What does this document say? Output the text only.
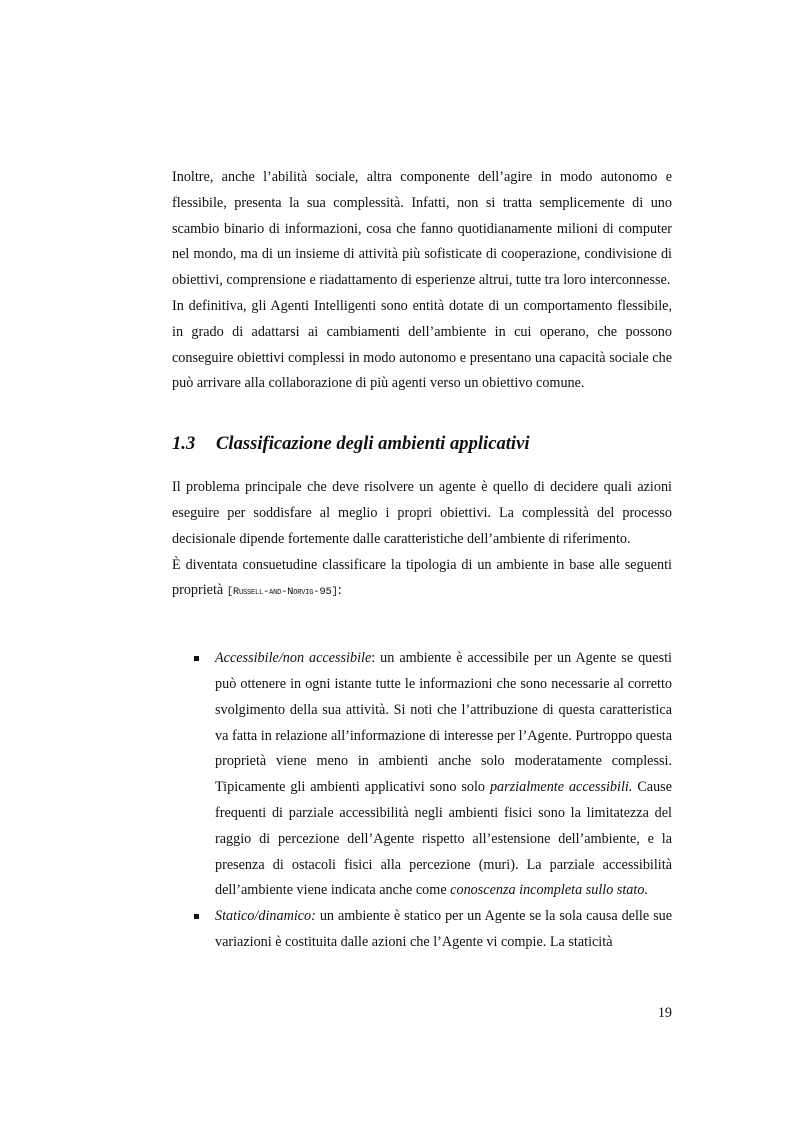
Inoltre, anche l’abilità sociale, altra componente dell’agire in modo autonomo e flessibile, presenta la sua complessità. Infatti, non si tratta semplicemente di uno scambio binario di informazioni, cosa che fanno quotidianamente milioni di computer nel mondo, ma di un insieme di attività più sofisticate di cooperazione, condivisione di obiettivi, comprensione e riadattamento di esperienze altrui, tutte tra loro interconnesse.

In definitiva, gli Agenti Intelligenti sono entità dotate di un comportamento flessibile, in grado di adattarsi ai cambiamenti dell’ambiente in cui operano, che possono conseguire obiettivi complessi in modo autonomo e presentano una capacità sociale che può arrivare alla collaborazione di più agenti verso un obiettivo comune.

1.3	Classificazione degli ambienti applicativi

Il problema principale che deve risolvere un agente è quello di decidere quali azioni eseguire per soddisfare al meglio i propri obiettivi. La complessità del processo decisionale dipende fortemente dalle caratteristiche dell’ambiente di riferimento.

È diventata consuetudine classificare la tipologia di un ambiente in base alle seguenti proprietà [Russell-and-Norvig-95]:

Accessibile/non accessibile: un ambiente è accessibile per un Agente se questi può ottenere in ogni istante tutte le informazioni che sono necessarie al corretto svolgimento della sua attività. Si noti che l’attribuzione di questa caratteristica va fatta in relazione all’informazione di interesse per l’Agente. Purtroppo questa proprietà viene meno in ambienti anche solo moderatamente complessi. Tipicamente gli ambienti applicativi sono solo parzialmente accessibili. Cause frequenti di parziale accessibilità negli ambienti fisici sono la limitatezza del raggio di percezione dell’Agente rispetto all’estensione dell’ambiente, e la presenza di ostacoli fisici alla percezione (muri). La parziale accessibilità dell’ambiente viene indicata anche come conoscenza incompleta sullo stato.
Statico/dinamico: un ambiente è statico per un Agente se la sola causa delle sue variazioni è costituita dalle azioni che l’Agente vi compie. La staticità
19
